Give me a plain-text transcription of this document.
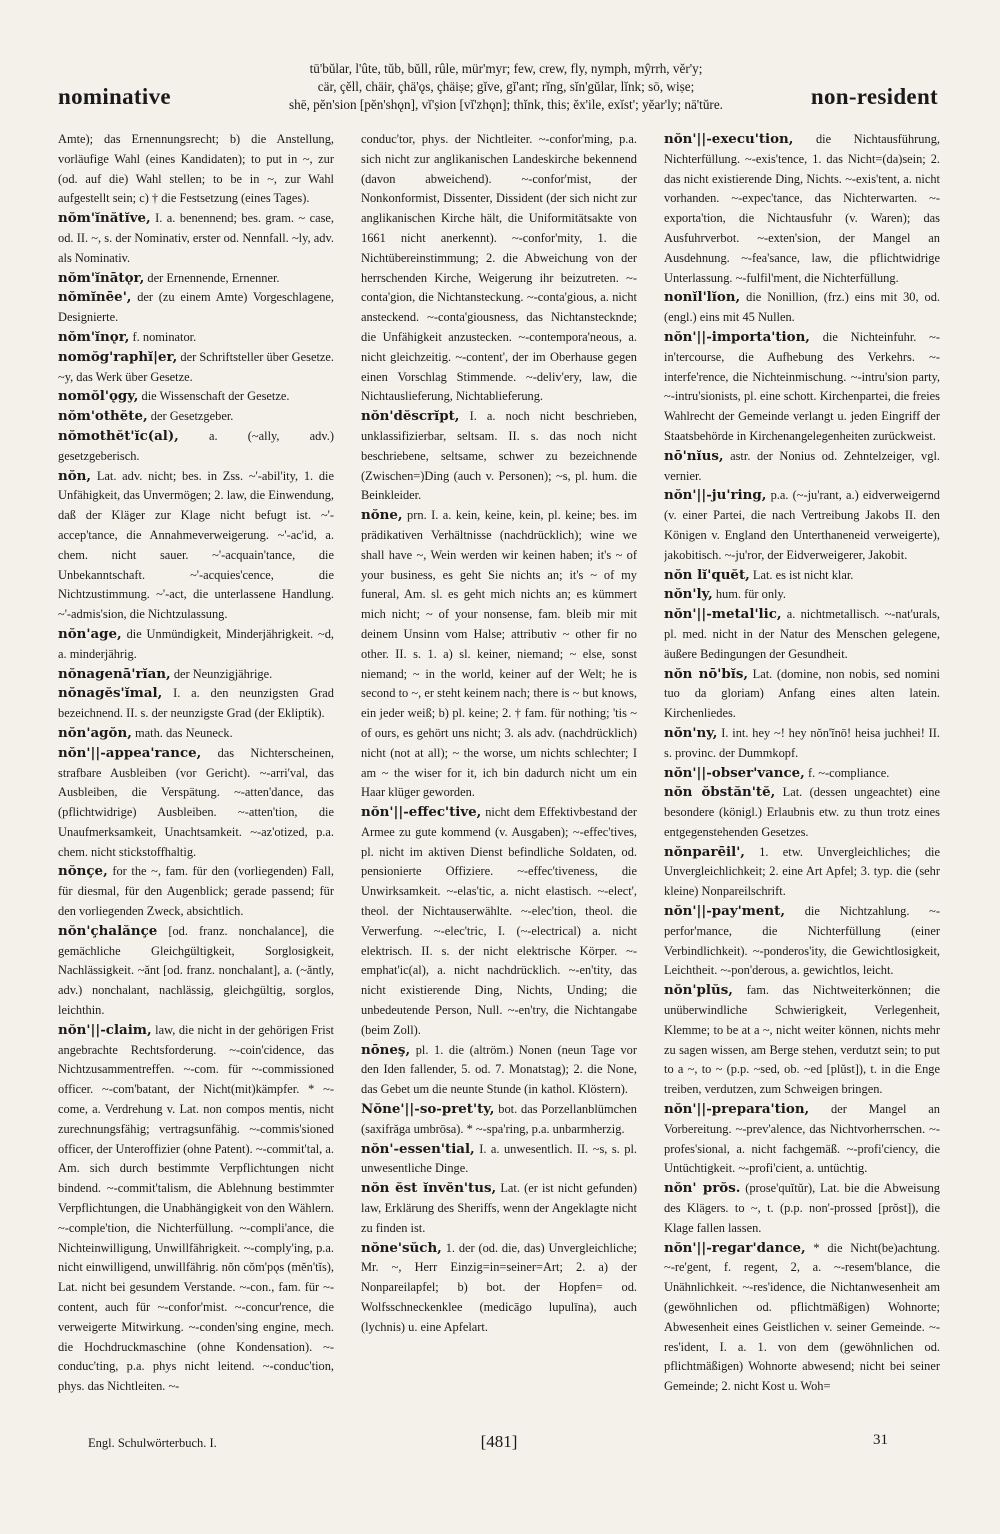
nominative
tū'bŭlar, l'ûte, tŭb, bŭll, rûle, mür'myr; few, crew, fly, nymph, mŷrrh, vĕr'y;
cär, çĕll, chäir, çhä'ǫs, çhäiṣe; gĭve, gĭ'ant; rĭng, sĭn'gŭlar, lĭnk; sō, wiṣe;
shē, pĕn'sion [pĕn'shǫn], vĭ'ṣion [vĭ'zhǫn]; thĭnk, this; ĕx'ile, exĭst'; yĕar'ly; nā'tŭre.	non-resident

Amte); das Ernennungsrecht; b) die Anstellung, vorläufige Wahl (eines Kandidaten); to put in ~, zur (od. auf die) Wahl stellen; to be in ~, zur Wahl aufgestellt sein; c) † die Festsetzung (eines Tages).

nŏm'ĭnătĭve, I. a. benennend; bes. gram. ~ case, od. II. ~, s. der Nominativ, erster od. Nennfall. ~ly, adv. als Nominativ.

nŏm'ĭnātǫr, der Ernennende, Ernenner.

nŏmĭnēe', der (zu einem Amte) Vorgeschlagene, Designierte.

nŏm'ĭnǫr, f. nominator.

nomŏg'raphĭ|er, der Schriftsteller über Gesetze. ~y, das Werk über Gesetze.

nomŏl'ǫgy, die Wissenschaft der Gesetze.

nŏm'othĕte, der Gesetzgeber.

nŏmothĕt'ĭc(al), a. (~ally, adv.) gesetzgeberisch.

nŏn, Lat. adv. nicht; bes. in Zss. ~'-abil'ity, 1. die Unfähigkeit, das Unvermögen; 2. law, die Einwendung, daß der Kläger zur Klage nicht befugt ist. ~'-accep'tance, die Annahmeverweigerung. ~'-ac'id, a. chem. nicht sauer. ~'-acquain'tance, die Unbekanntschaft. ~'-acquies'cence, die Nichtzustimmung. ~'-act, die unterlassene Handlung. ~'-admis'sion, die Nichtzulassung.

nŏn'age, die Unmündigkeit, Minderjährigkeit. ~d, a. minderjährig.

nŏnagenā'rĭan, der Neunzigjährige.

nŏnagĕs'ĭmal, I. a. den neunzigsten Grad bezeichnend. II. s. der neunzigste Grad (der Ekliptik).

nŏn'agŏn, math. das Neuneck.

nŏn'||-appea'rance, das Nichterscheinen, strafbare Ausbleiben (vor Gericht). ~-arri'val, das Ausbleiben, die Verspätung. ~-atten'dance, das (pflichtwidrige) Ausbleiben. ~-atten'tion, die Unaufmerksamkeit, Unachtsamkeit. ~-az'otized, p.a. chem. nicht stickstoffhaltig.

nŏnçe, for the ~, fam. für den (vorliegenden) Fall, für diesmal, für den Augenblick; gerade passend; für den vorliegenden Zweck, absichtlich.

nŏn'çhalănçe [od. franz. nonchalance], die gemächliche Gleichgültigkeit, Sorglosigkeit, Nachlässigkeit. ~ănt [od. franz. nonchalant], a. (~ăntly, adv.) nonchalant, nachlässig, gleichgültig, sorglos, leichthin.

nŏn'||-claim, law, die nicht in der gehörigen Frist angebrachte Rechtsforderung. ~-coin'cidence, das Nichtzusammentreffen. ~-com. für ~-commissioned officer. ~-com'batant, der Nicht(mit)kämpfer. * ~-come, a. Verdrehung v. Lat. non compos mentis, nicht zurechnungsfähig; vertragsunfähig. ~-commis'sioned officer, der Unteroffizier (ohne Patent). ~-commit'tal, a. Am. sich durch bestimmte Verpflichtungen nicht bindend. ~-commit'talism, die Ablehnung bestimmter Verpflichtungen, die Unabhängigkeit von den Wählern. ~-comple'tion, die Nichterfüllung. ~-compli'ance, die Nichteinwilligung, Unwillfährigkeit. ~-comply'ing, p.a. nicht einwilligend, unwillfährig. nŏn cŏm'pǫs (mĕn'tĭs), Lat. nicht bei gesundem Verstande. ~-con., fam. für ~-content, auch für ~-confor'mist. ~-concur'rence, die verweigerte Mitwirkung. ~-conden'sing engine, mech. die Hochdruckmaschine (ohne Kondensation). ~-conduc'ting, p.a. phys nicht leitend. ~-conduc'tion, phys. das Nichtleiten. ~-

conduc'tor, phys. der Nichtleiter. ~-confor'ming, p.a. sich nicht zur anglikanischen Landeskirche bekennend (davon abweichend). ~-confor'mist, der Nonkonformist, Dissenter, Dissident (der sich nicht zur anglikanischen Kirche hält, die Uniformitätsakte von 1661 nicht anerkennt). ~-confor'mity, 1. die Nichtübereinstimmung; 2. die Abweichung von der herrschenden Kirche, Weigerung ihr beizutreten. ~-conta'gion, die Nichtansteckung. ~-conta'gious, a. nicht ansteckend. ~-conta'giousness, das Nichtanstecknde; die Unfähigkeit anzustecken. ~-contempora'neous, a. nicht gleichzeitig. ~-content', der im Oberhause gegen einen Vorschlag Stimmende. ~-deliv'ery, law, die Nichtauslieferung, Nichtablieferung.

nŏn'dĕscrĭpt, I. a. noch nicht beschrieben, unklassifizierbar, seltsam. II. s. das noch nicht beschriebene, seltsame, schwer zu bezeichnende (Zwischen=)Ding (auch v. Personen); ~s, pl. hum. die Beinkleider.

nŏne, prn. I. a. kein, keine, kein, pl. keine; bes. im prädikativen Verhältnisse (nachdrücklich); wine we shall have ~, Wein werden wir keinen haben; it's ~ of your business, es geht Sie nichts an; it's ~ of my funeral, Am. sl. es geht mich nichts an; es kümmert mich nicht; ~ of your nonsense, fam. bleib mir mit deinem Unsinn vom Halse; attributiv ~ other fir no other. II. s. 1. a) sl. keiner, niemand; ~ else, sonst niemand; ~ in the world, keiner auf der Welt; he is second to ~, er steht keinem nach; there is ~ but knows, ein jeder weiß; b) pl. keine; 2. † fam. für nothing; 'tis ~ of ours, es gehört uns nicht; 3. als adv. (nachdrücklich) nicht (not at all); ~ the worse, um nichts schlechter; I am ~ the wiser for it, ich bin dadurch nicht um ein Haar klüger geworden.

nŏn'||-effec'tive, nicht dem Effektivbestand der Armee zu gute kommend (v. Ausgaben); ~-effec'tives, pl. nicht im aktiven Dienst befindliche Soldaten, od. pensionierte Offiziere. ~-effec'tiveness, die Unwirksamkeit. ~-elas'tic, a. nicht elastisch. ~-elect', theol. der Nichtauserwählte. ~-elec'tion, theol. die Verwerfung. ~-elec'tric, I. (~-electrical) a. nicht elektrisch. II. s. der nicht elektrische Körper. ~-emphat'ic(al), a. nicht nachdrücklich. ~-en'tity, das nicht existierende Ding, Nichts, Unding; die unbedeutende Person, Null. ~-en'try, die Nichtangabe (beim Zoll).

nōneş, pl. 1. die (altröm.) Nonen (neun Tage vor den Iden fallender, 5. od. 7. Monatstag); 2. die None, das Gebet um die neunte Stunde (in kathol. Klöstern).

Nŏne'||-so-pret'ty, bot. das Porzellanblümchen (saxifrăga umbrōsa). * ~-spa'ring, p.a. unbarmherzig.

nŏn'-essen'tial, I. a. unwesentlich. II. ~s, s. pl. unwesentliche Dinge.

nŏn ĕst ĭnvĕn'tus, Lat. (er ist nicht gefunden) law, Erklärung des Sheriffs, wenn der Angeklagte nicht zu finden ist.

nŏne'sŭch, 1. der (od. die, das) Unvergleichliche; Mr. ~, Herr Einzig=in=seiner=Art; 2. a) der Nonpareilapfel; b) bot. der Hopfen= od. Wolfsschneckenklee (medicāgo lupulīna), auch (lychnis) u. eine Apfelart.

nŏn'||-execu'tion, die Nichtausführung, Nichterfüllung. ~-exis'tence, 1. das Nicht=(da)sein; 2. das nicht existierende Ding, Nichts. ~-exis'tent, a. nicht vorhanden. ~-expec'tance, das Nichterwarten. ~-exporta'tion, die Nichtausfuhr (v. Waren); das Ausfuhrverbot. ~-exten'sion, der Mangel an Ausdehnung. ~-fea'sance, law, die pflichtwidrige Unterlassung. ~-fulfil'ment, die Nichterfüllung.

nonĭl'lĭon, die Nonillion, (frz.) eins mit 30, od. (engl.) eins mit 45 Nullen.

nŏn'||-importa'tion, die Nichteinfuhr. ~-in'tercourse, die Aufhebung des Verkehrs. ~-interfe'rence, die Nichteinmischung. ~-intru'sion party, ~-intru'sionists, pl. eine schott. Kirchenpartei, die freies Wahlrecht der Gemeinde verlangt u. jeden Eingriff der Staatsbehörde in Kirchenangelegenheiten zurückweist.

nō'nĭus, astr. der Nonius od. Zehntelzeiger, vgl. vernier.

nŏn'||-ju'ring, p.a. (~-ju'rant, a.) eidverweigernd (v. einer Partei, die nach Vertreibung Jakobs II. den Königen v. England den Unterthaneneid verweigerte), jakobitisch. ~-ju'ror, der Eidverweigerer, Jakobit.

nŏn lĭ'quĕt, Lat. es ist nicht klar.

nŏn'ly, hum. für only.

nŏn'||-metal'lic, a. nichtmetallisch. ~-nat'urals, pl. med. nicht in der Natur des Menschen gelegene, äußere Bedingungen der Gesundheit.

nŏn nō'bĭs, Lat. (domine, non nobis, sed nomini tuo da gloriam) Anfang eines alten latein. Kirchenliedes.

nŏn'ny, I. int. hey ~! hey nŏn'ĭnō! heisa juchhei! II. s. provinc. der Dummkopf.

nŏn'||-obser'vance, f. ~-compliance.

nŏn ŏbstăn'tĕ, Lat. (dessen ungeachtet) eine besondere (königl.) Erlaubnis etw. zu thun trotz eines entgegenstehenden Gesetzes.

nŏnparēil', 1. etw. Unvergleichliches; die Unvergleichlichkeit; 2. eine Art Apfel; 3. typ. die (sehr kleine) Nonpareilschrift.

nŏn'||-pay'ment, die Nichtzahlung. ~-perfor'mance, die Nichterfüllung (einer Verbindlichkeit). ~-ponderos'ity, die Gewichtlosigkeit, Leichtheit. ~-pon'derous, a. gewichtlos, leicht.

nŏn'plŭs, fam. das Nichtweiterkönnen; die unüberwindliche Schwierigkeit, Verlegenheit, Klemme; to be at a ~, nicht weiter können, nichts mehr zu sagen wissen, am Berge stehen, verdutzt sein; to put to a ~, to ~ (p.p. ~sed, ob. ~ed [plŭst]), t. in die Enge treiben, verdutzen, zum Schweigen bringen.

nŏn'||-prepara'tion, der Mangel an Vorbereitung. ~-prev'alence, das Nichtvorherrschen. ~-profes'sional, a. nicht fachgemäß. ~-profi'ciency, die Untüchtigkeit. ~-profi'cient, a. untüchtig.

nŏn' prŏs. (prose'quĭtŭr), Lat. bie die Abweisung des Klägers. to ~, t. (p.p. non'-prossed [prŏst]), die Klage fallen lassen.

nŏn'||-regar'dance, * die Nicht(be)achtung. ~-re'gent, f. regent, 2, a. ~-resem'blance, die Unähnlichkeit. ~-res'idence, die Nichtanwesenheit am (gewöhnlichen od. pflichtmäßigen) Wohnorte; Abwesenheit eines Geistlichen v. seiner Gemeinde. ~-res'ident, I. a. 1. von dem (gewöhnlichen od. pflichtmäßigen) Wohnorte abwesend; nicht bei seiner Gemeinde; 2. nicht Kost u. Woh=

Engl. Schulwörterbuch. I.	[481]	31
